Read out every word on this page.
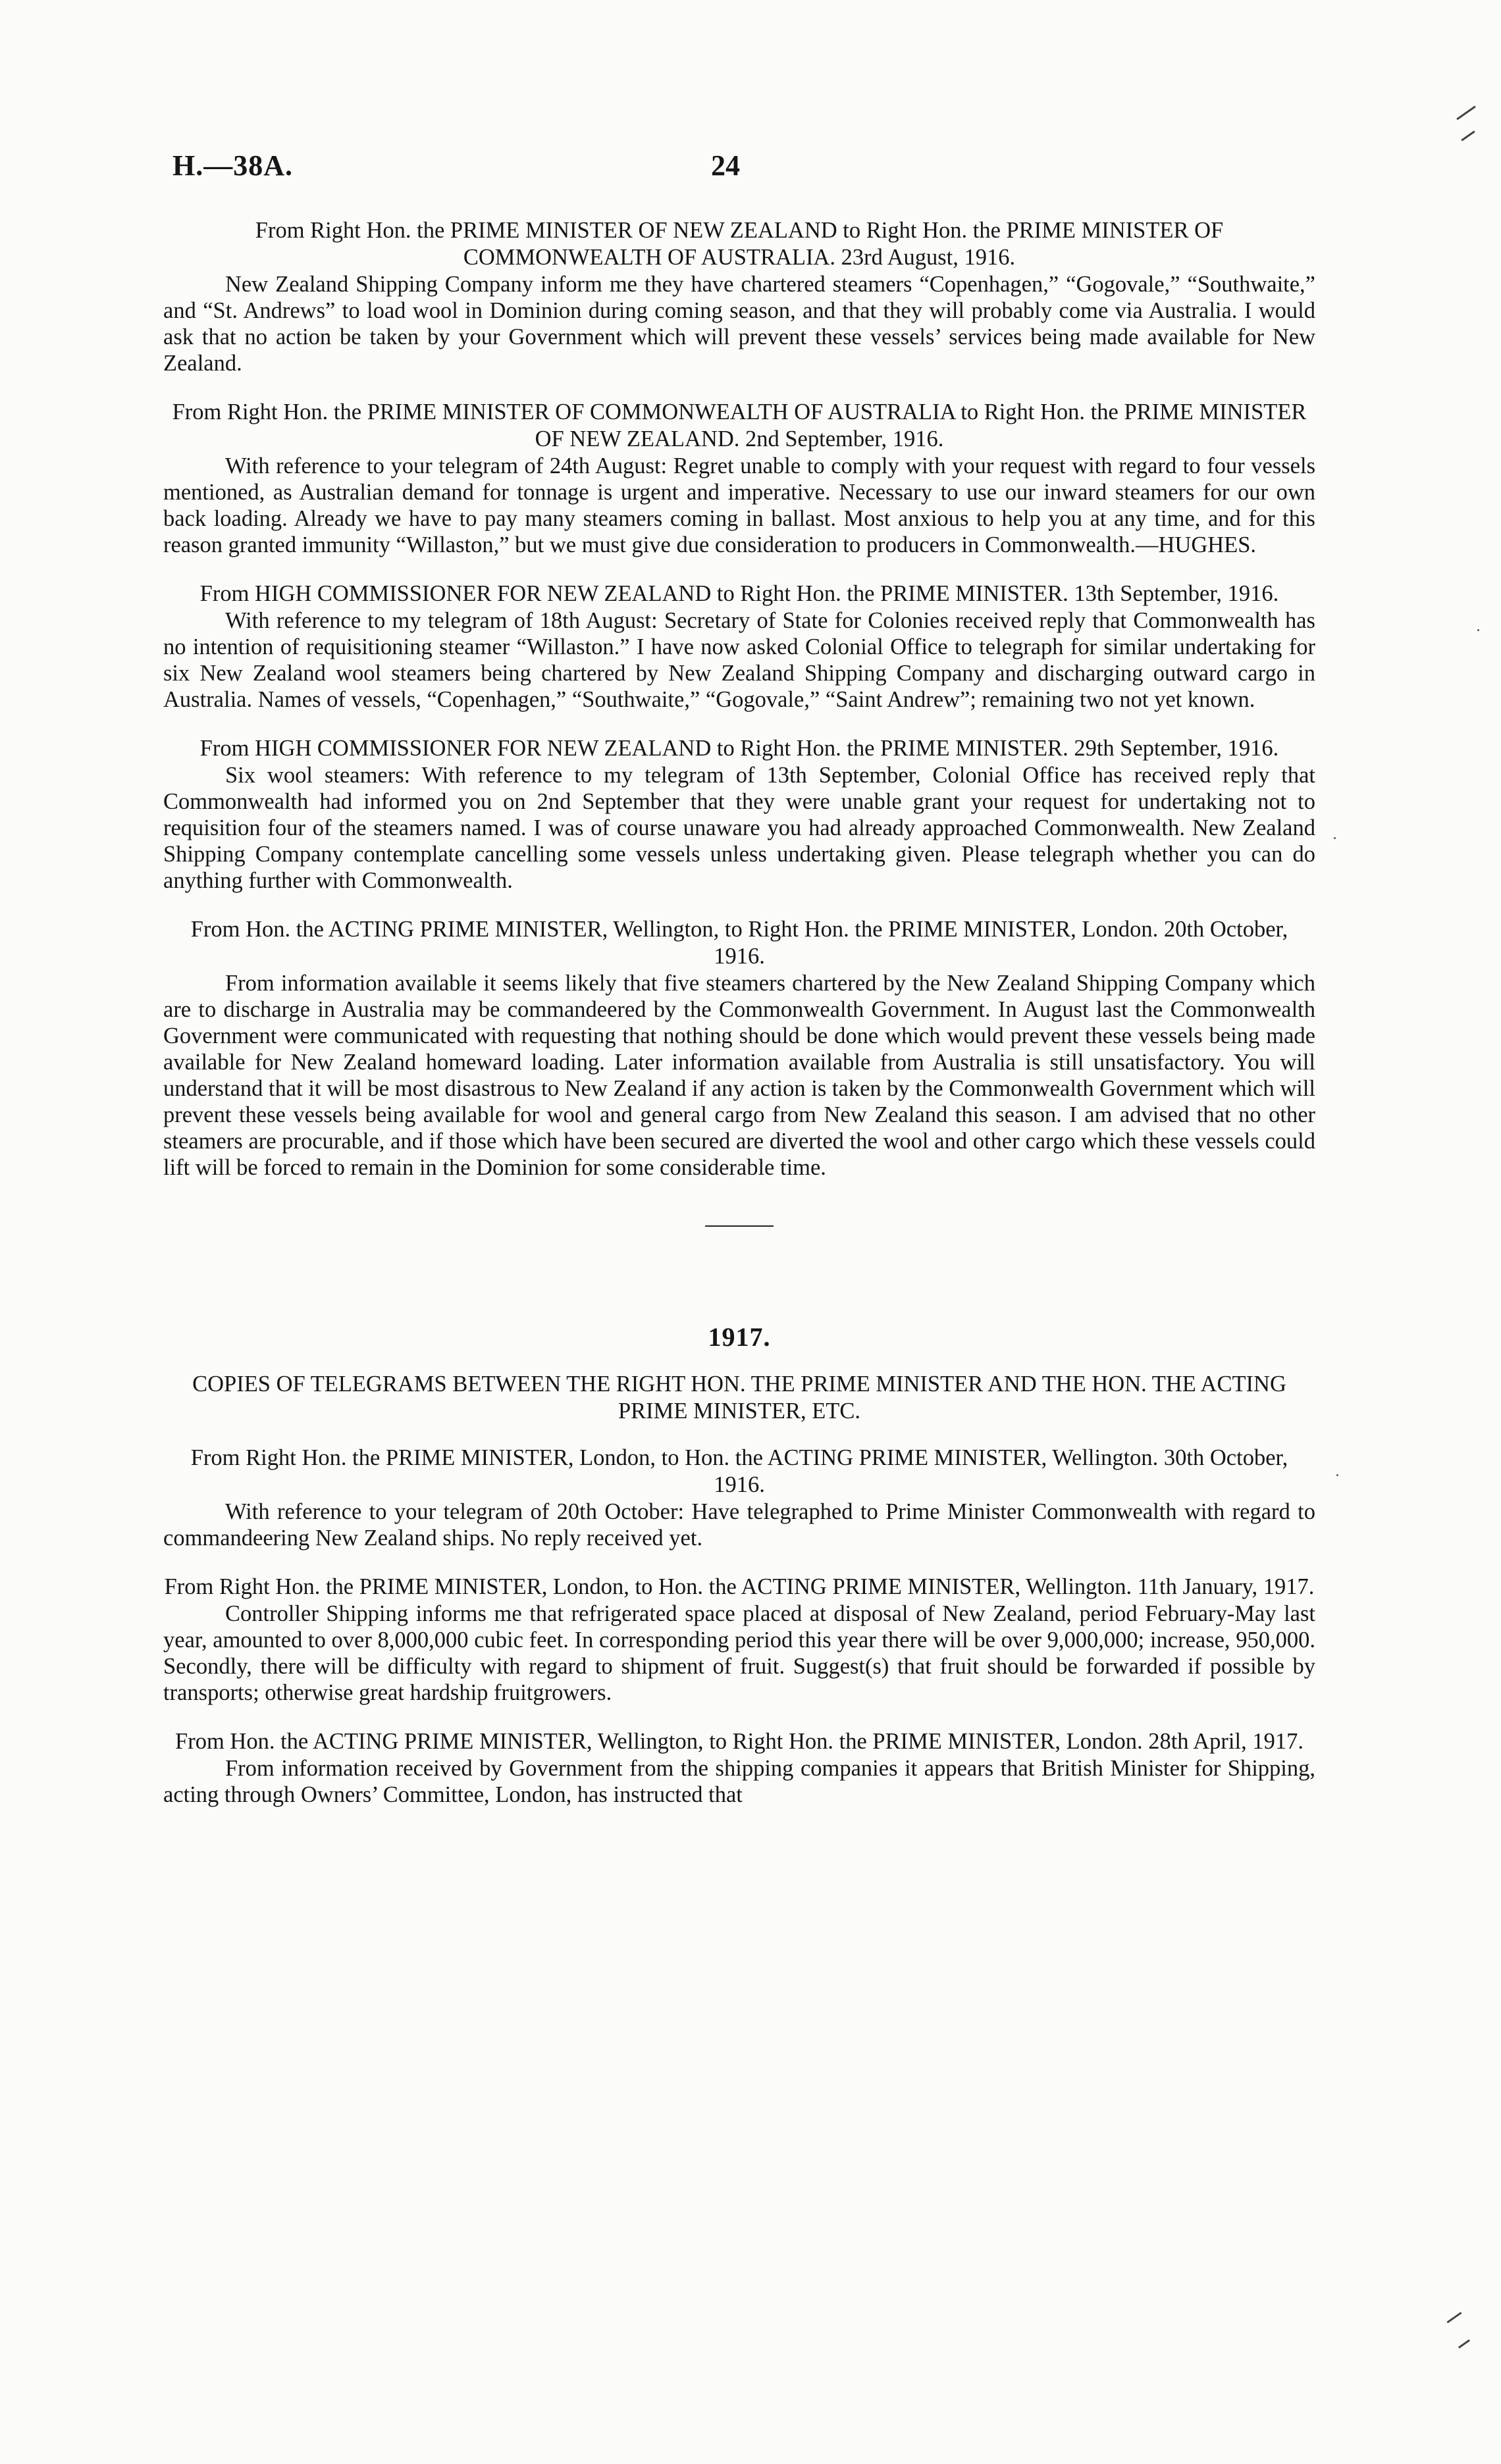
H.—38A.	24

From Right Hon. the PRIME MINISTER OF NEW ZEALAND to Right Hon. the PRIME MINISTER OF COMMONWEALTH OF AUSTRALIA. 23rd August, 1916.

New Zealand Shipping Company inform me they have chartered steamers “Copenhagen,” “Gogovale,” “Southwaite,” and “St. Andrews” to load wool in Dominion during coming season, and that they will probably come via Australia. I would ask that no action be taken by your Government which will prevent these vessels’ services being made available for New Zealand.

From Right Hon. the PRIME MINISTER OF COMMONWEALTH OF AUSTRALIA to Right Hon. the PRIME MINISTER OF NEW ZEALAND. 2nd September, 1916.

With reference to your telegram of 24th August: Regret unable to comply with your request with regard to four vessels mentioned, as Australian demand for tonnage is urgent and imperative. Necessary to use our inward steamers for our own back loading. Already we have to pay many steamers coming in ballast. Most anxious to help you at any time, and for this reason granted immunity “Willaston,” but we must give due consideration to producers in Commonwealth.—HUGHES.

From HIGH COMMISSIONER FOR NEW ZEALAND to Right Hon. the PRIME MINISTER. 13th September, 1916.

With reference to my telegram of 18th August: Secretary of State for Colonies received reply that Commonwealth has no intention of requisitioning steamer “Willaston.” I have now asked Colonial Office to telegraph for similar undertaking for six New Zealand wool steamers being chartered by New Zealand Shipping Company and discharging outward cargo in Australia. Names of vessels, “Copenhagen,” “Southwaite,” “Gogovale,” “Saint Andrew”; remaining two not yet known.

From HIGH COMMISSIONER FOR NEW ZEALAND to Right Hon. the PRIME MINISTER. 29th September, 1916.

Six wool steamers: With reference to my telegram of 13th September, Colonial Office has received reply that Commonwealth had informed you on 2nd September that they were unable grant your request for undertaking not to requisition four of the steamers named. I was of course unaware you had already approached Commonwealth. New Zealand Shipping Company contemplate cancelling some vessels unless undertaking given. Please telegraph whether you can do anything further with Commonwealth.

From Hon. the ACTING PRIME MINISTER, Wellington, to Right Hon. the PRIME MINISTER, London. 20th October, 1916.

From information available it seems likely that five steamers chartered by the New Zealand Shipping Company which are to discharge in Australia may be commandeered by the Commonwealth Government. In August last the Commonwealth Government were communicated with requesting that nothing should be done which would prevent these vessels being made available for New Zealand homeward loading. Later information available from Australia is still unsatisfactory. You will understand that it will be most disastrous to New Zealand if any action is taken by the Commonwealth Government which will prevent these vessels being available for wool and general cargo from New Zealand this season. I am advised that no other steamers are procurable, and if those which have been secured are diverted the wool and other cargo which these vessels could lift will be forced to remain in the Dominion for some considerable time.

1917.

COPIES OF TELEGRAMS BETWEEN THE RIGHT HON. THE PRIME MINISTER AND THE HON. THE ACTING PRIME MINISTER, ETC.

From Right Hon. the PRIME MINISTER, London, to Hon. the ACTING PRIME MINISTER, Wellington. 30th October, 1916.

With reference to your telegram of 20th October: Have telegraphed to Prime Minister Commonwealth with regard to commandeering New Zealand ships. No reply received yet.

From Right Hon. the PRIME MINISTER, London, to Hon. the ACTING PRIME MINISTER, Wellington. 11th January, 1917.

Controller Shipping informs me that refrigerated space placed at disposal of New Zealand, period February-May last year, amounted to over 8,000,000 cubic feet. In corresponding period this year there will be over 9,000,000; increase, 950,000. Secondly, there will be difficulty with regard to shipment of fruit. Suggest(s) that fruit should be forwarded if possible by transports; otherwise great hardship fruitgrowers.

From Hon. the ACTING PRIME MINISTER, Wellington, to Right Hon. the PRIME MINISTER, London. 28th April, 1917.

From information received by Government from the shipping companies it appears that British Minister for Shipping, acting through Owners’ Committee, London, has instructed that
